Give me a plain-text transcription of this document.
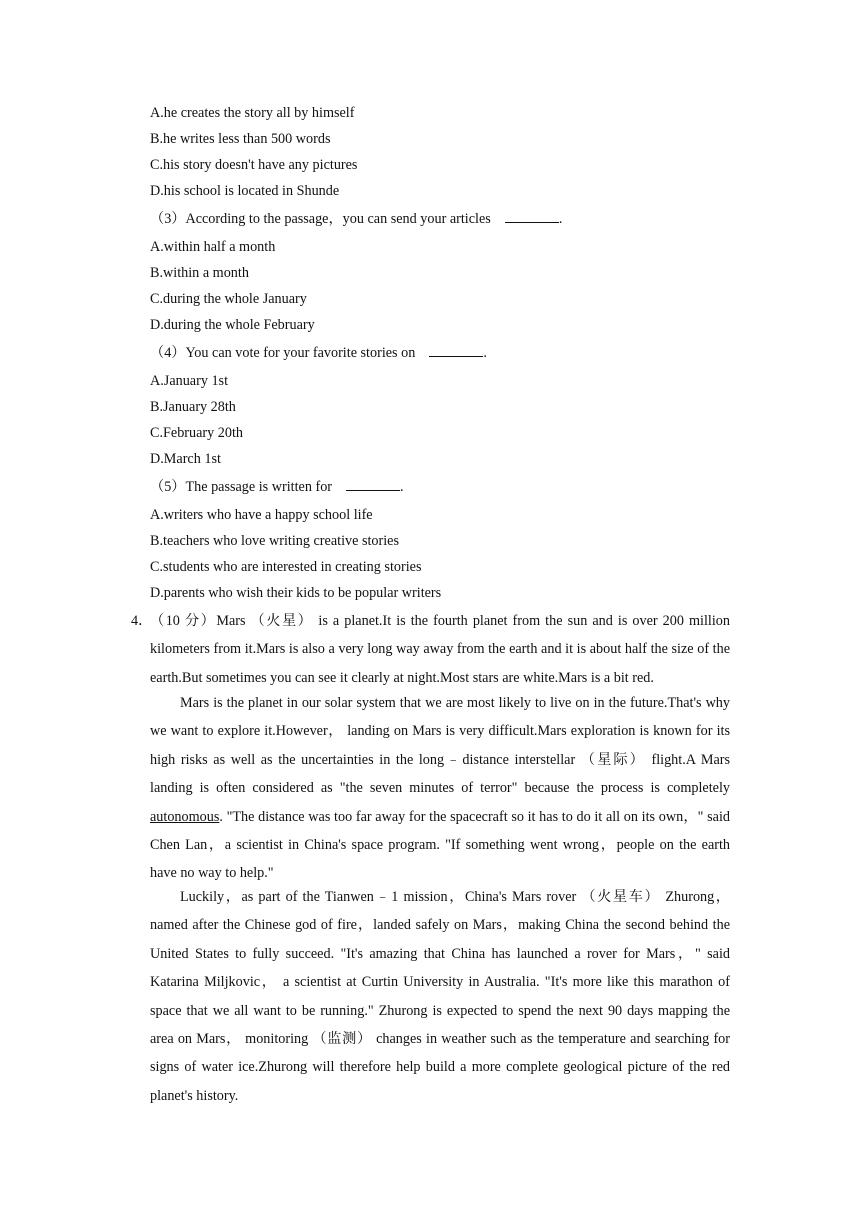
A.he creates the story all by himself
B.he writes less than 500 words
C.his story doesn't have any pictures
D.his school is located in Shunde
（3）According to the passage，you can send your articles	.
A.within half a month
B.within a month
C.during the whole January
D.during the whole February
（4）You can vote for your favorite stories on	.
A.January 1st
B.January 28th
C.February 20th
D.March 1st
（5）The passage is written for	.
A.writers who have a happy school life
B.teachers who love writing creative stories
C.students who are interested in creating stories
D.parents who wish their kids to be popular writers
4．
（10 分）Mars （火星） is a planet.It is the fourth planet from the sun and is over 200 million kilometers from it.Mars is also a very long way away from the earth and it is about half the size of the earth.But sometimes you can see it clearly at night.Most stars are white.Mars is a bit red.
Mars is the planet in our solar system that we are most likely to live on in the future.That's why we want to explore it.However， landing on Mars is very difficult.Mars exploration is known for its high risks as well as the uncertainties in the long﹣distance interstellar （星际） flight.A Mars landing is often considered as "the seven minutes of terror" because the process is completely autonomous. "The distance was too far away for the spacecraft so it has to do it all on its own，" said Chen Lan，a scientist in China's space program. "If something went wrong，people on the earth have no way to help."
Luckily，as part of the Tianwen﹣1 mission，China's Mars rover （火星车） Zhurong，named after the Chinese god of fire，landed safely on Mars，making China the second behind the United States to fully succeed. "It's amazing that China has launched a rover for Mars，" said Katarina Miljkovic， a scientist at Curtin University in Australia. "It's more like this marathon of space that we all want to be running." Zhurong is expected to spend the next 90 days mapping the area on Mars， monitoring （监测） changes in weather such as the temperature and searching for signs of water ice.Zhurong will therefore help build a more complete geological picture of the red planet's history.
